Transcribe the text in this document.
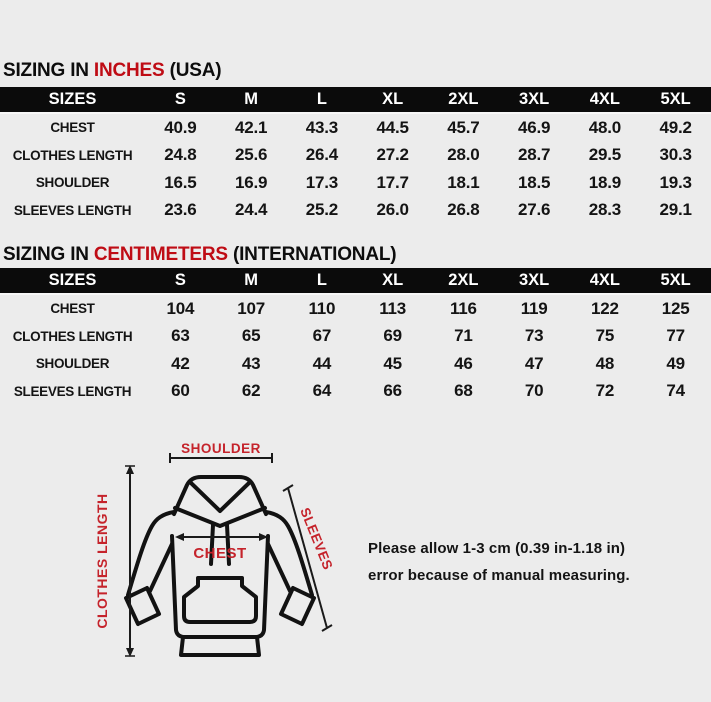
SIZING IN INCHES (USA)
SIZES	S	M	L	XL	2XL	3XL	4XL	5XL
CHEST	40.9	42.1	43.3	44.5	45.7	46.9	48.0	49.2
CLOTHES LENGTH	24.8	25.6	26.4	27.2	28.0	28.7	29.5	30.3
SHOULDER	16.5	16.9	17.3	17.7	18.1	18.5	18.9	19.3
SLEEVES LENGTH	23.6	24.4	25.2	26.0	26.8	27.6	28.3	29.1
SIZING IN CENTIMETERS (INTERNATIONAL)
SIZES	S	M	L	XL	2XL	3XL	4XL	5XL
CHEST	104	107	110	113	116	119	122	125
CLOTHES LENGTH	63	65	67	69	71	73	75	77
SHOULDER	42	43	44	45	46	47	48	49
SLEEVES LENGTH	60	62	64	66	68	70	72	74
SHOULDER
CLOTHES LENGTH	CHEST	SLEEVES Please allow 1-3 cm (0.39 in-1.18 in)
error because of manual measuring.
